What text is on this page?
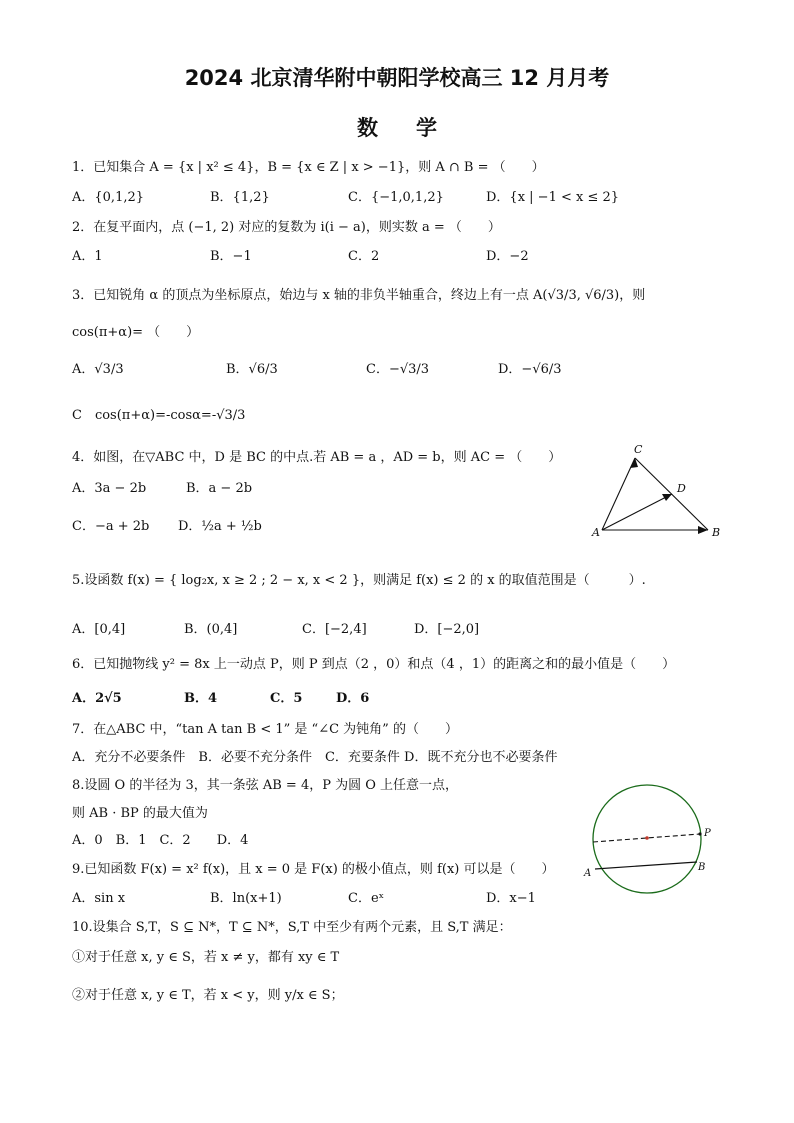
2024 北京清华附中朝阳学校高三 12 月月考
数学
1．已知集合 A = {x | x² ≤ 4}，B = {x ∈ Z | x > −1}，则 A ∩ B = （　　）
A．{0,1,2}	B．{1,2}	C．{−1,0,1,2}	D．{x | −1 < x ≤ 2}
2．在复平面内，点 (−1, 2) 对应的复数为 i(i − a)，则实数 a = （　　）
A．1	B．−1	C．2	D．−2
3．已知锐角 α 的顶点为坐标原点，始边与 x 轴的非负半轴重合，终边上有一点 A(√3/3, √6/3)，则
cos(π+α)= （　　）
A．√3/3	B．√6/3	C．−√3/3	D．−√6/3
C　cos(π+α)=-cosα=-√3/3
4．如图，在▽ABC 中，D 是 BC 的中点.若 AB = a ，AD = b，则 AC = （　　）
A．3a − 2b	B．a − 2b
C．−a + 2b D．½a + ½b
C
D
A	B
5.设函数 f(x) = { log₂x, x ≥ 2 ; 2 − x, x < 2 }，则满足 f(x) ≤ 2 的 x 的取值范围是（　　　）.
A．[0,4]	B．(0,4]	C．[−2,4]	D．[−2,0]
6．已知抛物线 y² = 8x 上一动点 P，则 P 到点（2 ，0）和点（4 ，1）的距离之和的最小值是（　　）
A．2√5	B．4	C．5	D．6
7．在△ABC 中，“tan A tan B < 1” 是 “∠C 为钝角” 的（　　）
A．充分不必要条件　B．必要不充分条件　C．充要条件 D．既不充分也不必要条件
8.设圆 O 的半径为 3，其一条弦 AB = 4，P 为圆 O 上任意一点，
则 AB · BP 的最大值为
A．0　B．1　C．2　　D．4	P
B
A
9.已知函数 F(x) = x² f(x)，且 x = 0 是 F(x) 的极小值点，则 f(x) 可以是（　　）
A．sin x	B．ln(x+1)	C．eˣ	D．x−1
10.设集合 S,T，S ⊆ N*，T ⊆ N*，S,T 中至少有两个元素，且 S,T 满足：
①对于任意 x, y ∈ S，若 x ≠ y，都有 xy ∈ T
②对于任意 x, y ∈ T，若 x < y，则 y/x ∈ S；
